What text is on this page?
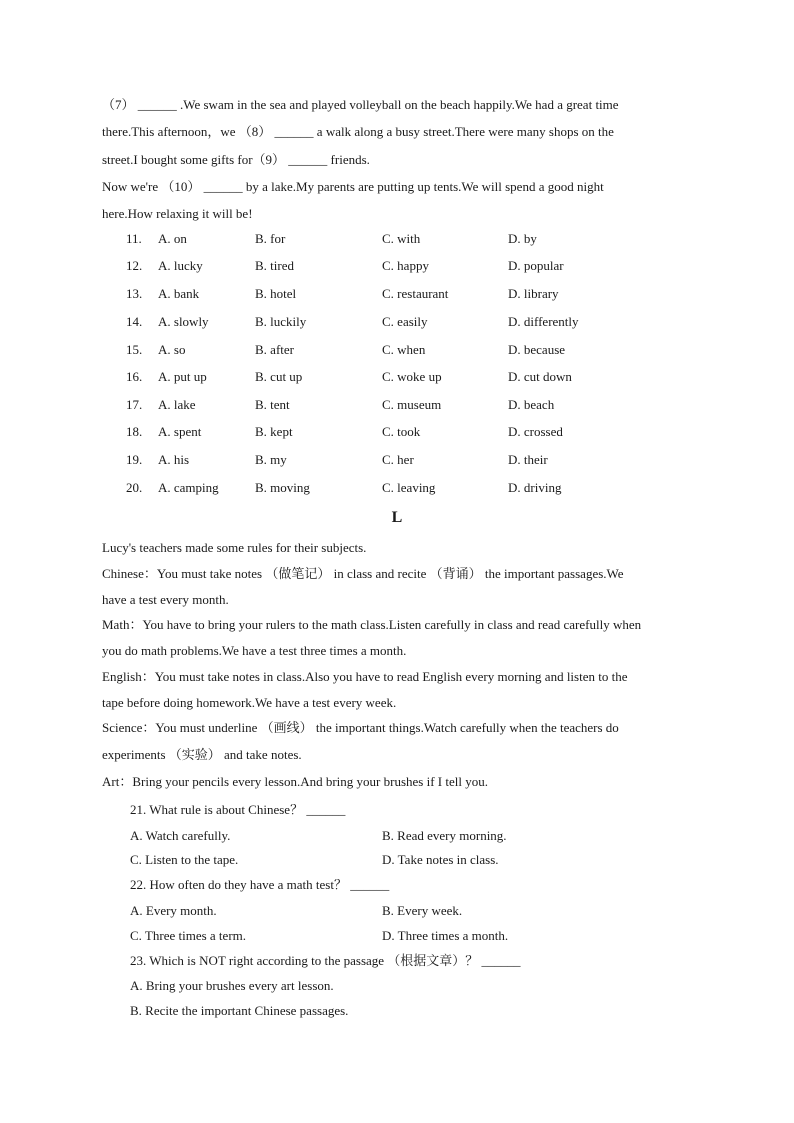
（7） ______ .We swam in the sea and played volleyball on the beach happily.We had a great time
there.This afternoon，we （8） ______ a walk along a busy street.There were many shops on the
street.I bought some gifts for（9） ______ friends.
Now we're （10） ______ by a lake.My parents are putting up tents.We will spend a good night
here.How relaxing it will be!
11. A. on	B. for	C. with	D. by
12. A. lucky	B. tired	C. happy	D. popular
13. A. bank	B. hotel	C. restaurant	D. library
14. A. slowly	B. luckily	C. easily	D. differently
15. A. so	B. after	C. when	D. because
16. A. put up	B. cut up	C. woke up	D. cut down
17. A. lake	B. tent	C. museum	D. beach
18. A. spent	B. kept	C. took	D. crossed
19. A. his	B. my	C. her	D. their
20. A. camping	B. moving	C. leaving	D. driving
L
Lucy's teachers made some rules for their subjects.
Chinese：You must take notes （做笔记） in class and recite （背诵） the important passages.We
have a test every month.
Math：You have to bring your rulers to the math class.Listen carefully in class and read carefully when
you do math problems.We have a test three times a month.
English：You must take notes in class.Also you have to read English every morning and listen to the
tape before doing homework.We have a test every week.
Science：You must underline （画线） the important things.Watch carefully when the teachers do
experiments （实验） and take notes.
Art：Bring your pencils every lesson.And bring your brushes if I tell you.
21. What rule is about Chinese？ ______
A. Watch carefully.	B. Read every morning.
C. Listen to the tape.	D. Take notes in class.
22. How often do they have a math test？ ______
A. Every month.	B. Every week.
C. Three times a term.	D. Three times a month.
23. Which is NOT right according to the passage （根据文章）？ ______
A. Bring your brushes every art lesson.
B. Recite the important Chinese passages.
